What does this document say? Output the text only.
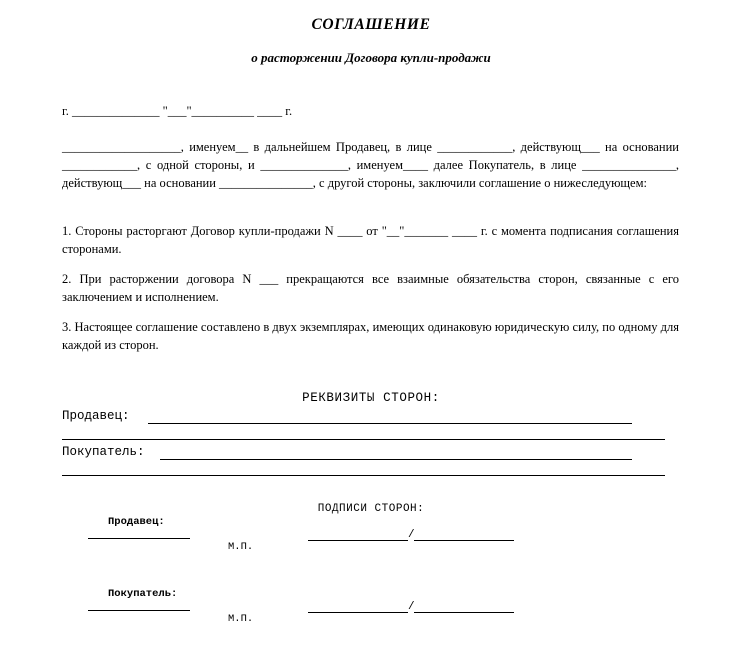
СОГЛАШЕНИЕ
о расторжении Договора купли-продажи
г. ______________ "___"__________ ____ г.
___________________, именуем__ в дальнейшем Продавец, в лице ____________, действующ___ на основании ____________, с одной стороны, и ______________, именуем____ далее Покупатель, в лице _______________, действующ___ на основании _______________, с другой стороны, заключили соглашение о нижеследующем:
1. Стороны расторгают Договор купли-продажи N ____ от "__"_______ ____ г. с момента подписания соглашения сторонами.
2. При расторжении договора N ___ прекращаются все взаимные обязательства сторон, связанные с его заключением и исполнением.
3. Настоящее соглашение составлено в двух экземплярах, имеющих одинаковую юридическую силу, по одному для каждой из сторон.
РЕКВИЗИТЫ СТОРОН:
Продавец:
Покупатель:
ПОДПИСИ СТОРОН:
Продавец:
М.П.
/
Покупатель:
М.П.
/
